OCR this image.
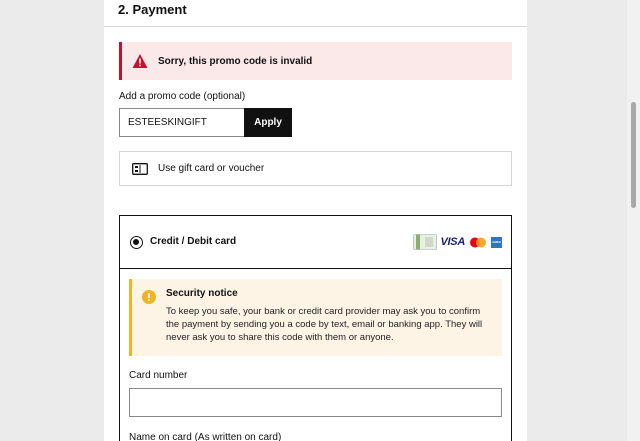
2. Payment
Sorry, this promo code is invalid
Add a promo code (optional)
ESTEESKINGIFT
Apply
Use gift card or voucher
Credit / Debit card	VISA	AMEX
Security notice
To keep you safe, your bank or credit card provider may ask you to confirm the payment by sending you a code by text, email or banking app. They will never ask you to share this code with them or anyone.
Card number
Name on card (As written on card)
